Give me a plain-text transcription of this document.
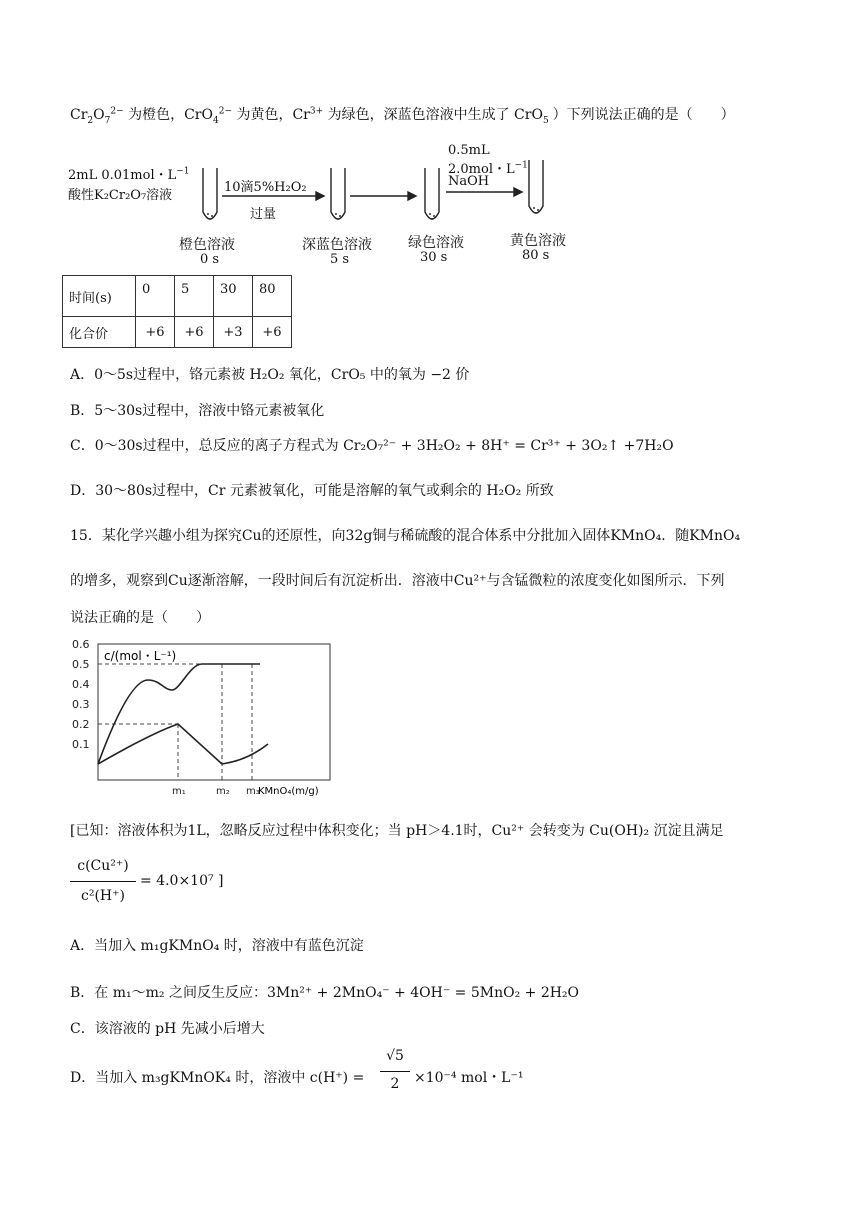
$Cr_2O_7^{2-}$ 为橙色，CrO$_4^{2-}$ 为黄色，$Cr^{3+}$ 为绿色，深蓝色溶液中生成了 CrO$_5$ ）下列说法正确的是（　　）
2mL 0.01mol・$L^{-1}$
酸性K₂Cr₂O₇溶液
10滴5%H₂O₂
过量
0.5mL
2.0mol・$L^{-1}$
NaOH
橙色溶液
0 s
深蓝色溶液
5 s
绿色溶液
30 s
黄色溶液
80 s
时间(s)	0	5	30	80
化合价	+6	+6	+3	+6
A．0～5s过程中，铬元素被 H₂O₂ 氧化，CrO₅ 中的氧为 −2 价
B．5～30s过程中，溶液中铬元素被氧化
C．0～30s过程中，总反应的离子方程式为 Cr₂O₇²⁻ + 3H₂O₂ + 8H⁺ = Cr³⁺ + 3O₂↑ +7H₂O
D．30～80s过程中，Cr 元素被氧化，可能是溶解的氧气或剩余的 H₂O₂ 所致
15．某化学兴趣小组为探究Cu的还原性，向32g铜与稀硫酸的混合体系中分批加入固体KMnO₄．随KMnO₄
的增多，观察到Cu逐渐溶解，一段时间后有沉淀析出．溶液中Cu²⁺与含锰微粒的浓度变化如图所示．下列
说法正确的是（　　）
c/(mol・L⁻¹)
0.1
0.2
0.3
0.4
0.5
0.6
m₁	m₂ m₃
KMnO₄(m/g)
[已知：溶液体积为1L，忽略反应过程中体积变化；当 pH＞4.1时，Cu²⁺ 会转变为 Cu(OH)₂ 沉淀且满足
c(Cu²⁺)
c²(H⁺)
= 4.0×10⁷ ]
A．当加入 m₁gKMnO₄ 时，溶液中有蓝色沉淀
B．在 m₁～m₂ 之间反生反应：3Mn²⁺ + 2MnO₄⁻ + 4OH⁻ = 5MnO₂ + 2H₂O
C．该溶液的 pH 先减小后增大
D．当加入 m₃gKMnOK₄ 时，溶液中 c(H⁺) =
√5
2	×10⁻⁴ mol・L⁻¹
